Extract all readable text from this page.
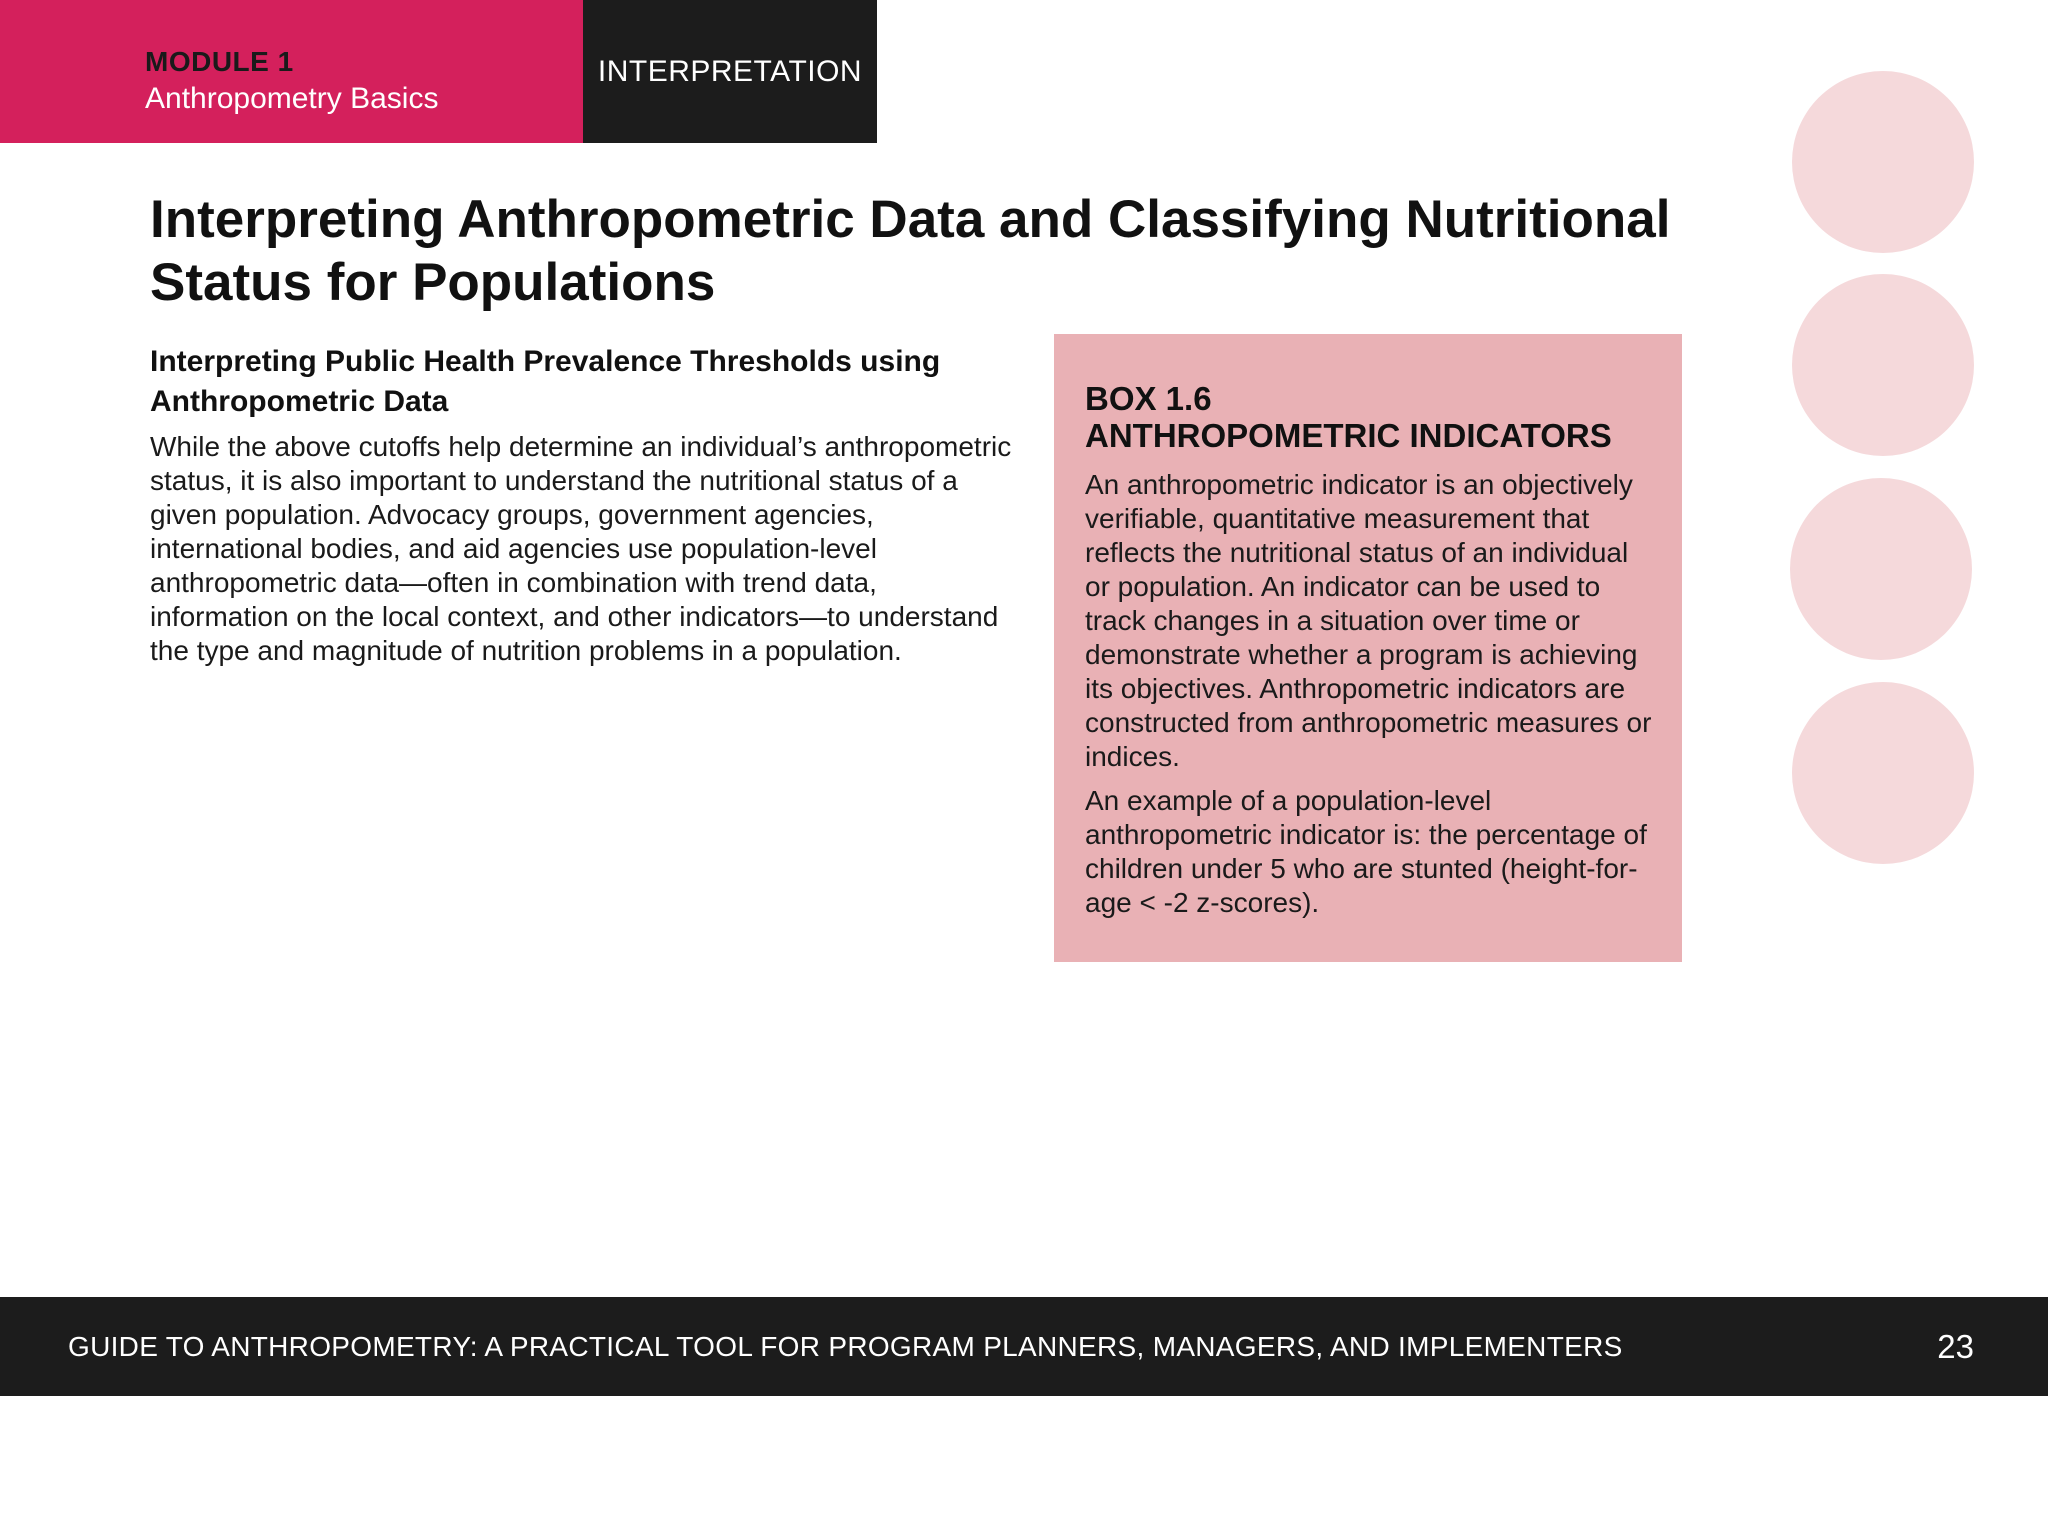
MODULE 1
Anthropometry Basics
INTERPRETATION
Interpreting Anthropometric Data and Classifying Nutritional Status for Populations
Interpreting Public Health Prevalence Thresholds using Anthropometric Data

While the above cutoffs help determine an individual’s anthropometric status, it is also important to understand the nutritional status of a given population. Advocacy groups, government agencies, international bodies, and aid agencies use population-level anthropometric data—often in combination with trend data, information on the local context, and other indicators—to understand the type and magnitude of nutrition problems in a population.

BOX 1.6
ANTHROPOMETRIC INDICATORS

An anthropometric indicator is an objectively verifiable, quantitative measurement that reflects the nutritional status of an individual or population. An indicator can be used to track changes in a situation over time or demonstrate whether a program is achieving its objectives. Anthropometric indicators are constructed from anthropometric measures or indices.

An example of a population-level anthropometric indicator is: the percentage of children under 5 who are stunted (height-for-age < -2 z-scores).

GUIDE TO ANTHROPOMETRY: A PRACTICAL TOOL FOR PROGRAM PLANNERS, MANAGERS, AND IMPLEMENTERS	23
